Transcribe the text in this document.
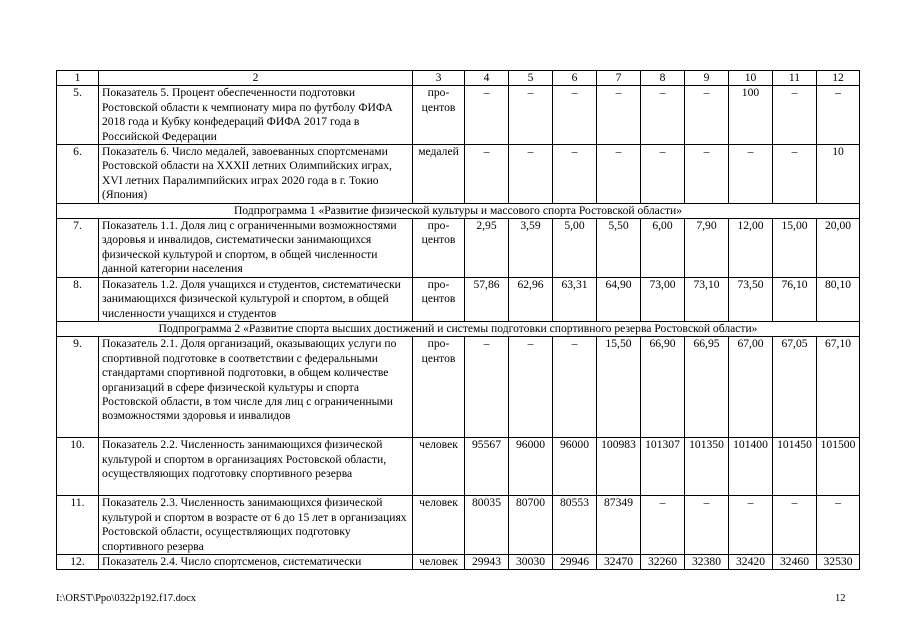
1	2	3	4	5	6	7	8	9	10	11	12
5.	Показатель 5. Процент обеспеченности подготовки Ростовской области к чемпионату мира по футболу ФИФА 2018 года и Кубку конфедераций ФИФА 2017 года в Российской Федерации	про- центов	–	–	–	–	–	–	100	–	–
6.	Показатель 6. Число медалей, завоеванных спортсменами Ростовской области на XXXII летних Олимпийских играх, XVI летних Паралимпийских играх 2020 года в г. Токио (Япония)	медалей	–	–	–	–	–	–	–	–	10
Подпрограмма 1 «Развитие физической культуры и массового спорта Ростовской области»											
7.	Показатель 1.1. Доля лиц с ограниченными возможностями здоровья и инвалидов, систематически занимающихся физической культурой и спортом, в общей численности данной категории населения	про- центов	2,95	3,59	5,00	5,50	6,00	7,90	12,00	15,00	20,00
8.	Показатель 1.2. Доля учащихся и студентов, систематически занимающихся физической культурой и спортом, в общей численности учащихся и студентов	про- центов	57,86	62,96	63,31	64,90	73,00	73,10	73,50	76,10	80,10
Подпрограмма 2 «Развитие спорта высших достижений и системы подготовки спортивного резерва Ростовской области»											
9.	Показатель 2.1. Доля организаций, оказывающих услуги по спортивной подготовке в соответствии с федеральными стандартами спортивной подготовки, в общем количестве организаций в сфере физической культуры и спорта Ростовской области, в том числе для лиц с ограниченными возможностями здоровья и инвалидов	про- центов	–	–	–	15,50	66,90	66,95	67,00	67,05	67,10
10.	Показатель 2.2. Численность занимающихся физической культурой и спортом в организациях Ростовской области, осуществляющих подготовку спортивного резерва	человек	95567	96000	96000	100983	101307	101350	101400	101450	101500
11.	Показатель 2.3. Численность занимающихся физической культурой и спортом в возрасте от 6 до 15 лет в организациях Ростовской области, осуществляющих подготовку спортивного резерва	человек	80035	80700	80553	87349	–	–	–	–	–
12.	Показатель 2.4. Число спортсменов, систематически	человек	29943	30030	29946	32470	32260	32380	32420	32460	32530
I:\ORST\Ppo\0322p192.f17.docx	12
